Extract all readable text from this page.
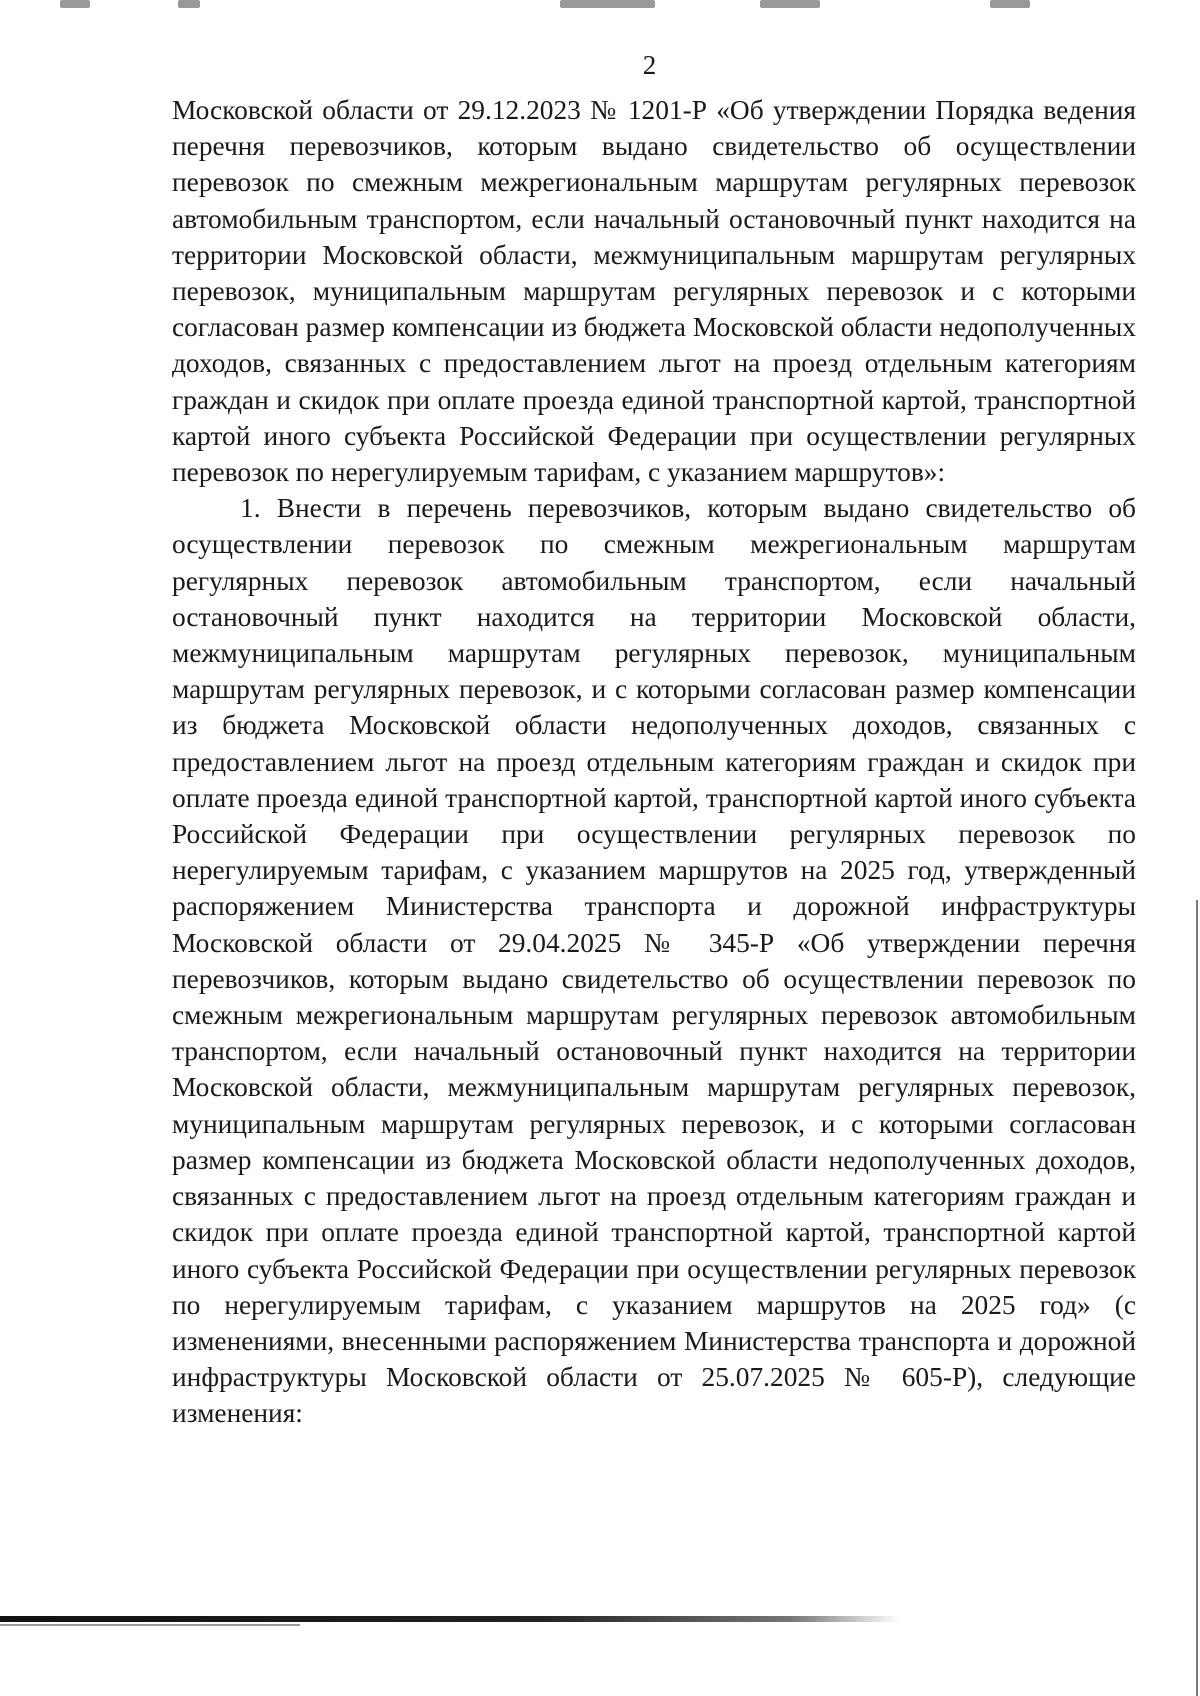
2

Московской области от 29.12.2023 № 1201-Р «Об утверждении Порядка ведения перечня перевозчиков, которым выдано свидетельство об осуществлении перевозок по смежным межрегиональным маршрутам регулярных перевозок автомобильным транспортом, если начальный остановочный пункт находится на территории Московской области, межмуниципальным маршрутам регулярных перевозок, муниципальным маршрутам регулярных перевозок и с которыми согласован размер компенсации из бюджета Московской области недополученных доходов, связанных с предоставлением льгот на проезд отдельным категориям граждан и скидок при оплате проезда единой транспортной картой, транспортной картой иного субъекта Российской Федерации при осуществлении регулярных перевозок по нерегулируемым тарифам, с указанием маршрутов»:

1. Внести в перечень перевозчиков, которым выдано свидетельство об осуществлении перевозок по смежным межрегиональным маршрутам регулярных перевозок автомобильным транспортом, если начальный остановочный пункт находится на территории Московской области, межмуниципальным маршрутам регулярных перевозок, муниципальным маршрутам регулярных перевозок, и с которыми согласован размер компенсации из бюджета Московской области недополученных доходов, связанных с предоставлением льгот на проезд отдельным категориям граждан и скидок при оплате проезда единой транспортной картой, транспортной картой иного субъекта Российской Федерации при осуществлении регулярных перевозок по нерегулируемым тарифам, с указанием маршрутов на 2025 год, утвержденный распоряжением Министерства транспорта и дорожной инфраструктуры Московской области от 29.04.2025 № 345-Р «Об утверждении перечня перевозчиков, которым выдано свидетельство об осуществлении перевозок по смежным межрегиональным маршрутам регулярных перевозок автомобильным транспортом, если начальный остановочный пункт находится на территории Московской области, межмуниципальным маршрутам регулярных перевозок, муниципальным маршрутам регулярных перевозок, и с которыми согласован размер компенсации из бюджета Московской области недополученных доходов, связанных с предоставлением льгот на проезд отдельным категориям граждан и скидок при оплате проезда единой транспортной картой, транспортной картой иного субъекта Российской Федерации при осуществлении регулярных перевозок по нерегулируемым тарифам, с указанием маршрутов на 2025 год» (с изменениями, внесенными распоряжением Министерства транспорта и дорожной инфраструктуры Московской области от 25.07.2025 № 605-Р), следующие изменения:
